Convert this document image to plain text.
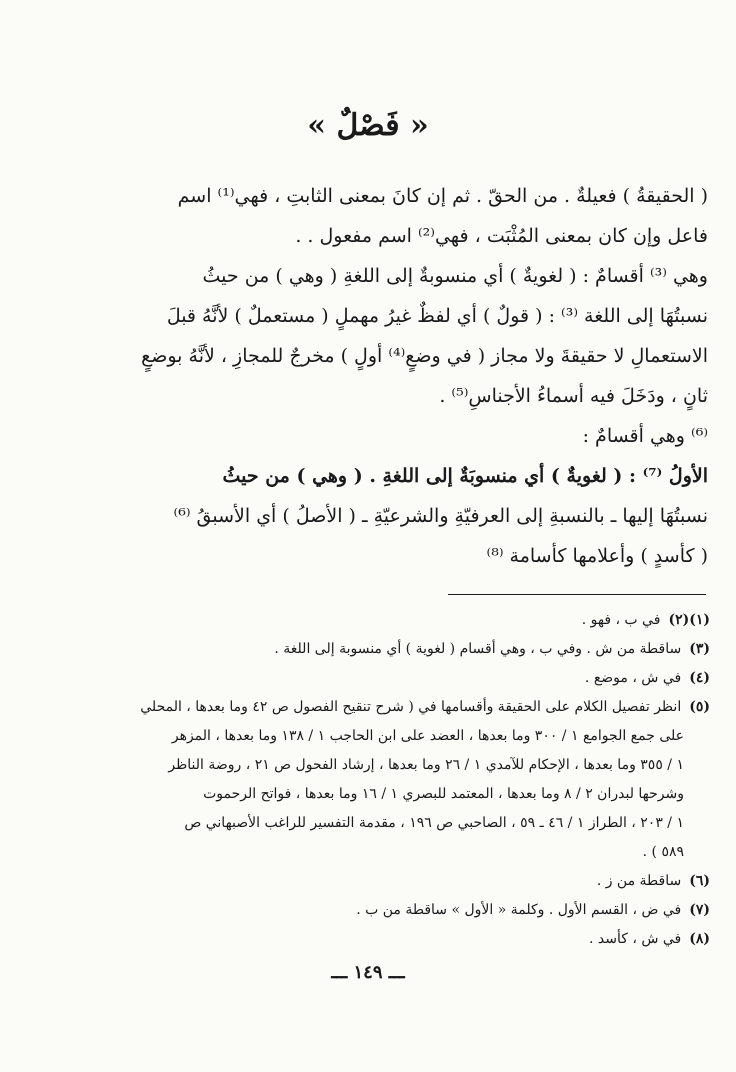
« فَصْلٌ »
( الحقيقةُ ) فعيلةٌ . من الحقّ . ثم إن كانَ بمعنى الثابتِ ، فهي⁽¹⁾ اسم
فاعل وإن كان بمعنى المُثْبَت ، فهي⁽²⁾ اسم مفعول . .
وهي ⁽³⁾ أقسامٌ : ( لغويةٌ ) أي منسوبةٌ إلى اللغةِ ( وهي ) من حيثُ
نسبتُهَا إلى اللغة ⁽³⁾ : ( قولٌ ) أي لفظٌ غيرُ مهملٍ ( مستعملٌ ) لأنَّهُ قبلَ
الاستعمالِ لا حقيقةَ ولا مجاز ( في وضعٍ⁽⁴⁾ أولٍ ) مخرجٌ للمجازِ ، لأنَّهُ بوضعٍ
ثانٍ ، ودَخَلَ فيه أسماءُ الأجناسِ⁽⁵⁾ .
⁽⁶⁾ وهي أقسامٌ :
الأولُ ⁽⁷⁾ : ( لغويةٌ ) أي منسوبَةٌ إلى اللغةِ . ( وهي ) من حيثُ
نسبتُهَا إليها ـ بالنسبةِ إلى العرفيّةِ والشرعيّةِ ـ ( الأصلُ ) أي الأسبقُ ⁽⁶⁾
( كأسدٍ ) وأعلامها كأسامة ⁽⁸⁾
(١)(٢)في ب ، فهو .
(٣)ساقطة من ش . وفي ب ، وهي أقسام ( لغوية ) أي منسوبة إلى اللغة .
(٤)في ش ، موضع .
(٥)انظر تفصيل الكلام على الحقيقة وأقسامها في ( شرح تنقيح الفصول ص ٤٢ وما بعدها ، المحلي
على جمع الجوامع ١ / ٣٠٠ وما بعدها ، العضد على ابن الحاجب ١ / ١٣٨ وما بعدها ، المزهر
١ / ٣٥٥ وما بعدها ، الإحكام للآمدي ١ / ٢٦ وما بعدها ، إرشاد الفحول ص ٢١ ، روضة الناظر
وشرحها لبدران ٢ / ٨ وما بعدها ، المعتمد للبصري ١ / ١٦ وما بعدها ، فواتح الرحموت
١ / ٢٠٣ ، الطراز ١ / ٤٦ ـ ٥٩ ، الصاحبي ص ١٩٦ ، مقدمة التفسير للراغب الأصبهاني ص
٥٨٩ ) .
(٦)ساقطة من ز .
(٧)في ض ، القسم الأول . وكلمة « الأول » ساقطة من ب .
(٨)في ش ، كأسد .
ـــ ١٤٩ ـــ
